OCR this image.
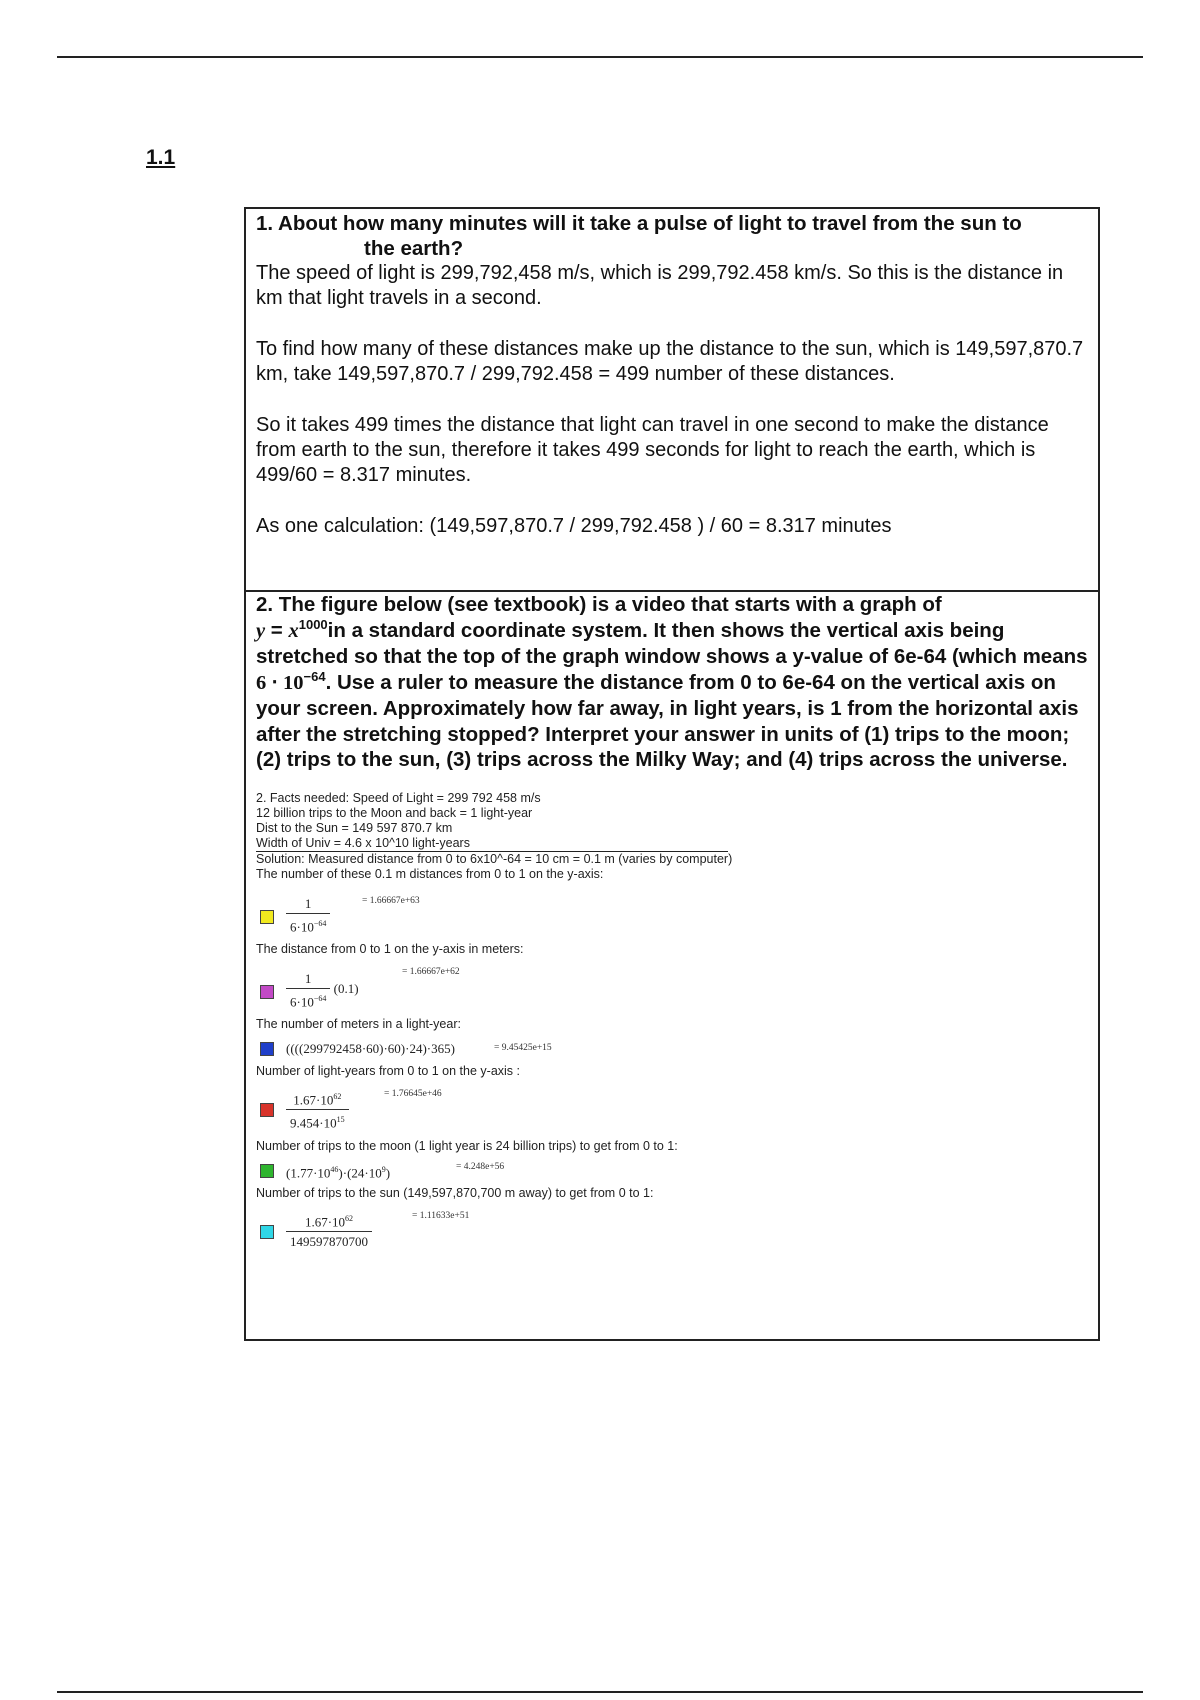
1.1

1. About how many minutes will it take a pulse of light to travel from the sun to
the earth?

The speed of light is 299,792,458 m/s, which is 299,792.458 km/s. So this is the distance in km that light travels in a second.

To find how many of these distances make up the distance to the sun, which is 149,597,870.7 km, take 149,597,870.7 / 299,792.458 = 499 number of these distances.

So it takes 499 times the distance that light can travel in one second to make the distance from earth to the sun, therefore it takes 499 seconds for light to reach the earth, which is 499/60 = 8.317 minutes.

As one calculation: (149,597,870.7 / 299,792.458 ) / 60 = 8.317 minutes

2. The figure below (see textbook) is a video that starts with a graph of
$y = x^{1000}in$ a standard coordinate system. It then shows the vertical axis being stretched so that the top of the graph window shows a y-value of 6e-64 (which means $6 \cdot 10^{-64}$. Use a ruler to measure the distance from 0 to 6e-64 on the vertical axis on your screen. Approximately how far away, in light years, is 1 from the horizontal axis after the stretching stopped? Interpret your answer in units of (1) trips to the moon; (2) trips to the sun, (3) trips across the Milky Way; and (4) trips across the universe.

2. Facts needed: Speed of Light = 299 792 458 m/s
12 billion trips to the Moon and back = 1 light-year
Dist to the Sun = 149 597 870.7 km
Width of Univ = 4.6 x 10^10 light-years
Solution: Measured distance from 0 to 6x10^-64 = 10 cm = 0.1 m (varies by computer)
The number of these 0.1 m distances from 0 to 1 on the y-axis:
$\frac{1}{6\cdot 10^{-64}}$	= 1.66667e+63
The distance from 0 to 1 on the y-axis in meters:
$\frac{1}{6\cdot 10^{-64}} (0.1)$
= 1.66667e+62
The number of meters in a light-year:
((((299792458·60)·60)·24)·365)	= 9.45425e+15
Number of light-years from 0 to 1 on the y-axis :
$\frac{1.67\cdot 10^{62}}{9.454\cdot 10^{15}}$	= 1.76645e+46
Number of trips to the moon (1 light year is 24 billion trips) to get from 0 to 1:
$(1.77\cdot 10^{46})\cdot(24\cdot 10^9)$	= 4.248e+56
Number of trips to the sun (149,597,870,700 m away) to get from 0 to 1:
$\frac{1.67\cdot 10^{62}}{149597870700}$	= 1.11633e+51
